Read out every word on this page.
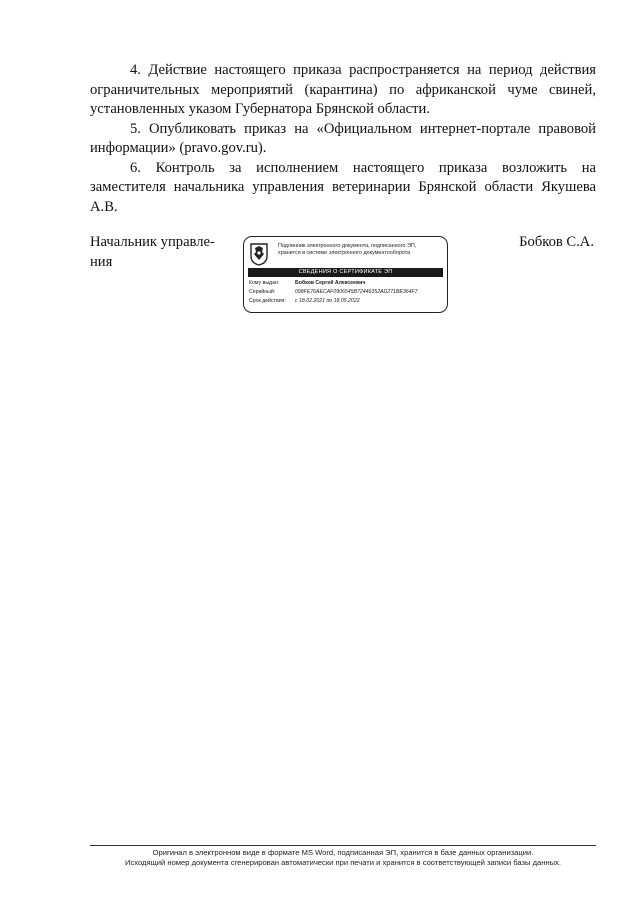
4. Действие настоящего приказа распространяется на период действия ограничительных мероприятий (карантина) по африканской чуме свиней, установленных указом Губернатора Брянской области.

5. Опубликовать приказ на «Официальном интернет-портале правовой информации» (pravo.gov.ru).

6. Контроль за исполнением настоящего приказа возложить на заместителя начальника управления ветеринарии Брянской области Якушева А.В.

Начальник управле-
ния
Подлинник электронного документа, подписанного ЭП,
хранится в системе электронного документооборота
СВЕДЕНИЯ О СЕРТИФИКАТЕ ЭП
Кому выдан:	Бобков Сергей Алексеевич
Серийный:	098FE76AECAF0906545B72446352AD271BE364F7
Срок действия: с 18.02.2021 по 18.05.2022
Бобков С.А.
Оригинал в электронном виде в формате MS Word, подписанная ЭП, хранится в базе данных организации.
Исходящий номер документа сгенерирован автоматически при печати и хранится в соответствующей записи базы данных.
